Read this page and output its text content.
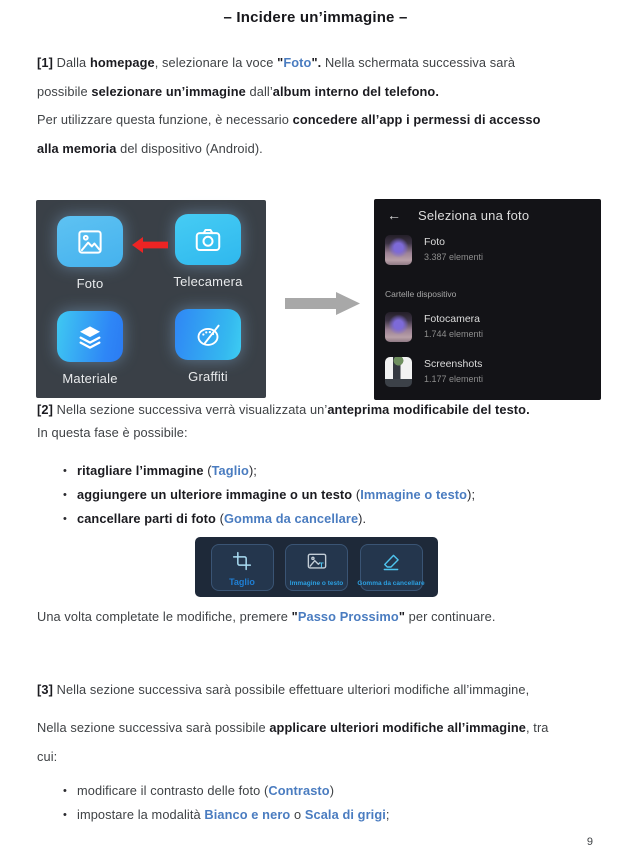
– Incidere un’immagine –
[1] Dalla homepage, selezionare la voce "Foto". Nella schermata successiva sarà
possibile selezionare un’immagine dall’album interno del telefono.
Per utilizzare questa funzione, è necessario concedere all’app i permessi di accesso
alla memoria del dispositivo (Android).
Foto	Telecamera
Materiale	Graffiti
← Seleziona una foto
Foto
3.387 elementi
Cartelle dispositivo
Fotocamera
1.744 elementi
Screenshots
1.177 elementi
[2] Nella sezione successiva verrà visualizzata un’anteprima modificabile del testo.
In questa fase è possibile:
• ritagliare l’immagine (Taglio);
• aggiungere un ulteriore immagine o un testo (Immagine o testo);
• cancellare parti di foto (Gomma da cancellare).
Taglio
T
Immagine o testo Gomma da cancellare
Una volta completate le modifiche, premere "Passo Prossimo" per continuare.
[3] Nella sezione successiva sarà possibile effettuare ulteriori modifiche all’immagine,
Nella sezione successiva sarà possibile applicare ulteriori modifiche all’immagine, tra
cui:
• modificare il contrasto delle foto (Contrasto)
• impostare la modalità Bianco e nero o Scala di grigi;
9
